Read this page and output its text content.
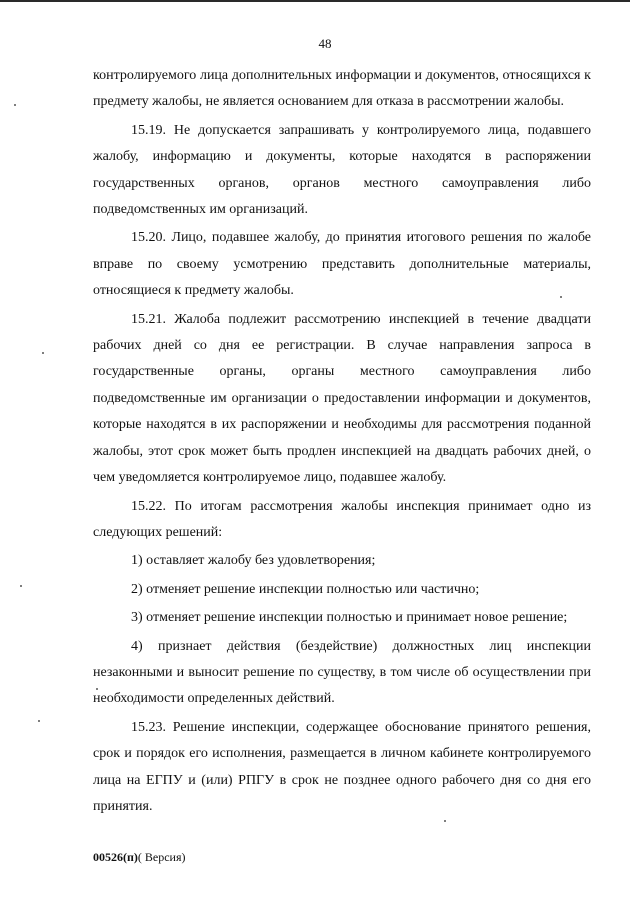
48

контролируемого лица дополнительных информации и документов, относящихся к предмету жалобы, не является основанием для отказа в рассмотрении жалобы.

15.19. Не допускается запрашивать у контролируемого лица, подавшего жалобу, информацию и документы, которые находятся в распоряжении государственных органов, органов местного самоуправления либо подведомственных им организаций.

15.20. Лицо, подавшее жалобу, до принятия итогового решения по жалобе вправе по своему усмотрению представить дополнительные материалы, относящиеся к предмету жалобы.

15.21. Жалоба подлежит рассмотрению инспекцией в течение двадцати рабочих дней со дня ее регистрации. В случае направления запроса в государственные органы, органы местного самоуправления либо подведомственные им организации о предоставлении информации и документов, которые находятся в их распоряжении и необходимы для рассмотрения поданной жалобы, этот срок может быть продлен инспекцией на двадцать рабочих дней, о чем уведомляется контролируемое лицо, подавшее жалобу.

15.22. По итогам рассмотрения жалобы инспекция принимает одно из следующих решений:

1) оставляет жалобу без удовлетворения;

2) отменяет решение инспекции полностью или частично;

3) отменяет решение инспекции полностью и принимает новое решение;

4) признает действия (бездействие) должностных лиц инспекции незаконными и выносит решение по существу, в том числе об осуществлении при необходимости определенных действий.

15.23. Решение инспекции, содержащее обоснование принятого решения, срок и порядок его исполнения, размещается в личном кабинете контролируемого лица на ЕГПУ и (или) РПГУ в срок не позднее одного рабочего дня со дня его принятия.

00526(п)( Версия)
